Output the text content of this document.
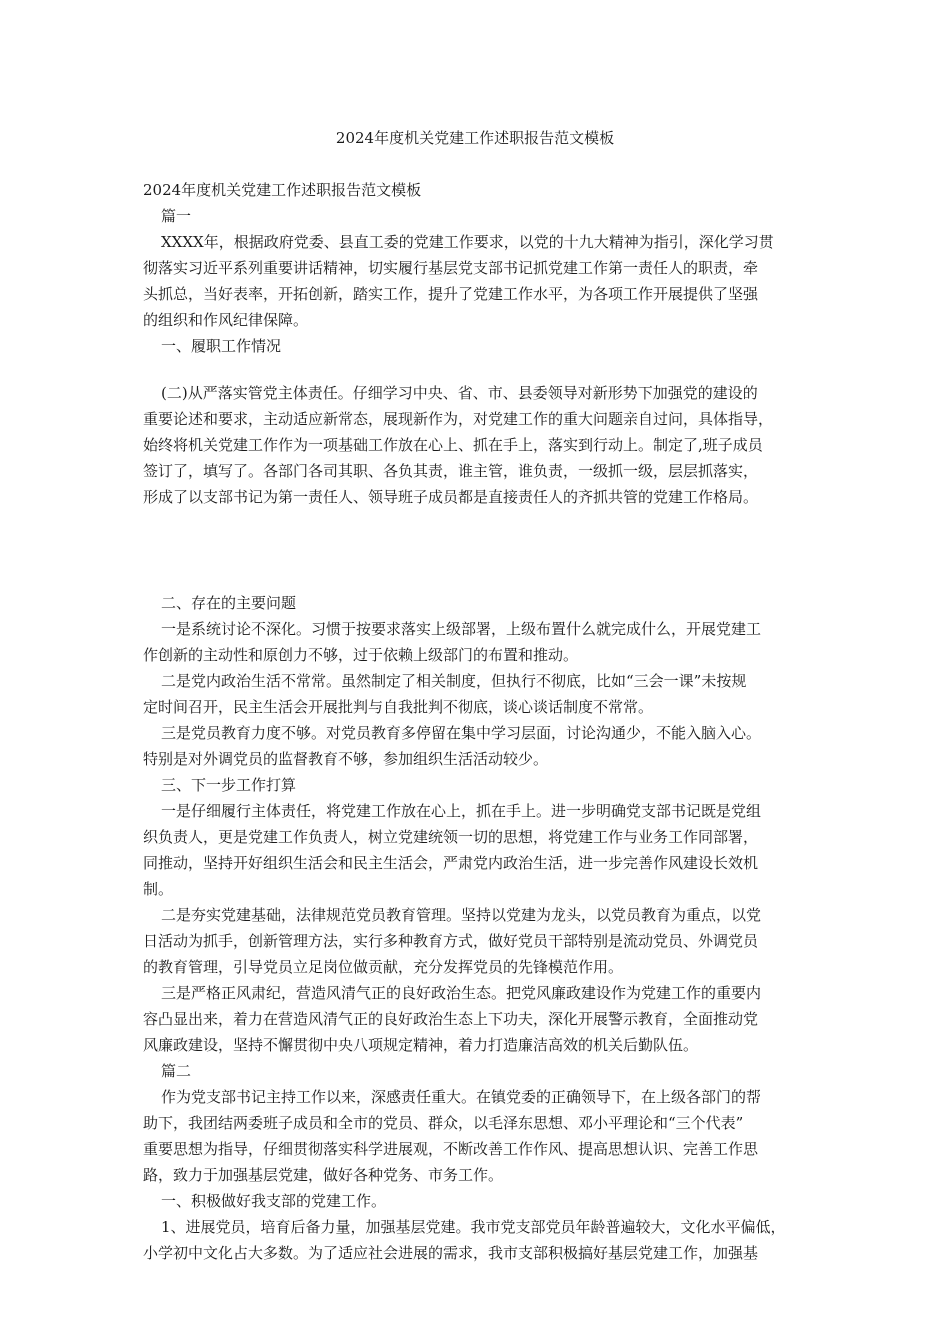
2024年度机关党建工作述职报告范文模板

2024年度机关党建工作述职报告范文模板

篇一

XXXX年，根据政府党委、县直工委的党建工作要求，以党的十九大精神为指引，深化学习贯

彻落实习近平系列重要讲话精神，切实履行基层党支部书记抓党建工作第一责任人的职责，牵

头抓总，当好表率，开拓创新，踏实工作，提升了党建工作水平，为各项工作开展提供了坚强

的组织和作风纪律保障。

一、履职工作情况

(二)从严落实管党主体责任。仔细学习中央、省、市、县委领导对新形势下加强党的建设的

重要论述和要求，主动适应新常态，展现新作为，对党建工作的重大问题亲自过问，具体指导，

始终将机关党建工作作为一项基础工作放在心上、抓在手上，落实到行动上。制定了,班子成员

签订了，填写了。各部门各司其职、各负其责，谁主管，谁负责，一级抓一级，层层抓落实，

形成了以支部书记为第一责任人、领导班子成员都是直接责任人的齐抓共管的党建工作格局。

二、存在的主要问题

一是系统讨论不深化。习惯于按要求落实上级部署，上级布置什么就完成什么，开展党建工

作创新的主动性和原创力不够，过于依赖上级部门的布置和推动。

二是党内政治生活不常常。虽然制定了相关制度，但执行不彻底，比如“三会一课”未按规

定时间召开，民主生活会开展批判与自我批判不彻底，谈心谈话制度不常常。

三是党员教育力度不够。对党员教育多停留在集中学习层面，讨论沟通少，不能入脑入心。

特别是对外调党员的监督教育不够，参加组织生活活动较少。

三、下一步工作打算

一是仔细履行主体责任，将党建工作放在心上，抓在手上。进一步明确党支部书记既是党组

织负责人，更是党建工作负责人，树立党建统领一切的思想，将党建工作与业务工作同部署，

同推动，坚持开好组织生活会和民主生活会，严肃党内政治生活，进一步完善作风建设长效机

制。

二是夯实党建基础，法律规范党员教育管理。坚持以党建为龙头，以党员教育为重点，以党

日活动为抓手，创新管理方法，实行多种教育方式，做好党员干部特别是流动党员、外调党员

的教育管理，引导党员立足岗位做贡献，充分发挥党员的先锋模范作用。

三是严格正风肃纪，营造风清气正的良好政治生态。把党风廉政建设作为党建工作的重要内

容凸显出来，着力在营造风清气正的良好政治生态上下功夫，深化开展警示教育，全面推动党

风廉政建设，坚持不懈贯彻中央八项规定精神，着力打造廉洁高效的机关后勤队伍。

篇二

作为党支部书记主持工作以来，深感责任重大。在镇党委的正确领导下，在上级各部门的帮

助下，我团结两委班子成员和全市的党员、群众，以毛泽东思想、邓小平理论和“三个代表”

重要思想为指导，仔细贯彻落实科学进展观，不断改善工作作风、提高思想认识、完善工作思

路，致力于加强基层党建，做好各种党务、市务工作。

一、积极做好我支部的党建工作。

1、进展党员，培育后备力量，加强基层党建。我市党支部党员年龄普遍较大，文化水平偏低，

小学初中文化占大多数。为了适应社会进展的需求，我市支部积极搞好基层党建工作，加强基
